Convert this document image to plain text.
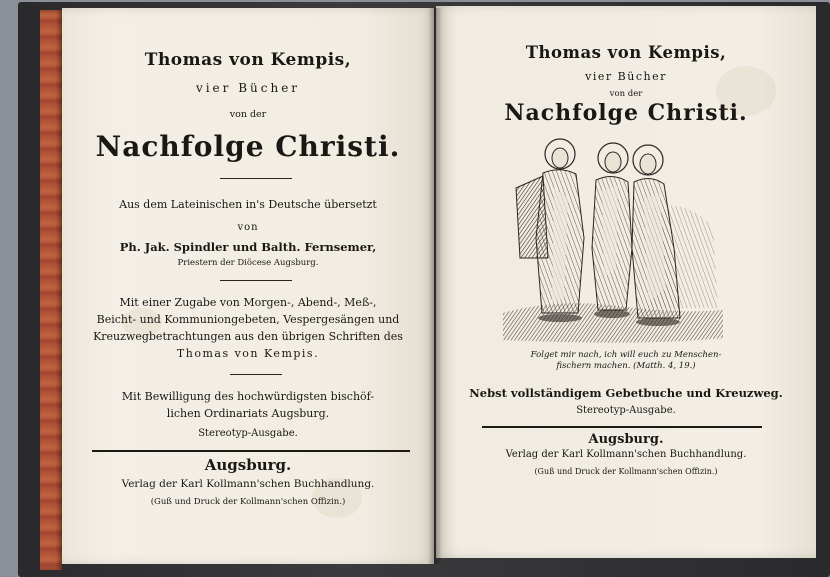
Thomas von Kempis,
vier Bücher
von der
Nachfolge Christi.
Aus dem Lateinischen in's Deutsche übersetzt
von
Ph. Jak. Spindler und Balth. Fernsemer,
Priestern der Diöcese Augsburg.
Mit einer Zugabe von Morgen-, Abend-, Meß-,
Beicht- und Kommuniongebeten, Vespergesängen und
Kreuzwegbetrachtungen aus den übrigen Schriften des
Thomas von Kempis.
Mit Bewilligung des hochwürdigsten bischöf-
lichen Ordinariats Augsburg.
Stereotyp-Ausgabe.
Augsburg.
Verlag der Karl Kollmann'schen Buchhandlung.
(Guß und Druck der Kollmann'schen Offizin.)
Thomas von Kempis,
vier Bücher
von der
Nachfolge Christi.
Folget mir nach, ich will euch zu Menschen-
fischern machen. (Matth. 4, 19.)
Nebst vollständigem Gebetbuche und Kreuzweg.
Stereotyp-Ausgabe.
Augsburg.
Verlag der Karl Kollmann'schen Buchhandlung.
(Guß und Druck der Kollmann'schen Offizin.)
